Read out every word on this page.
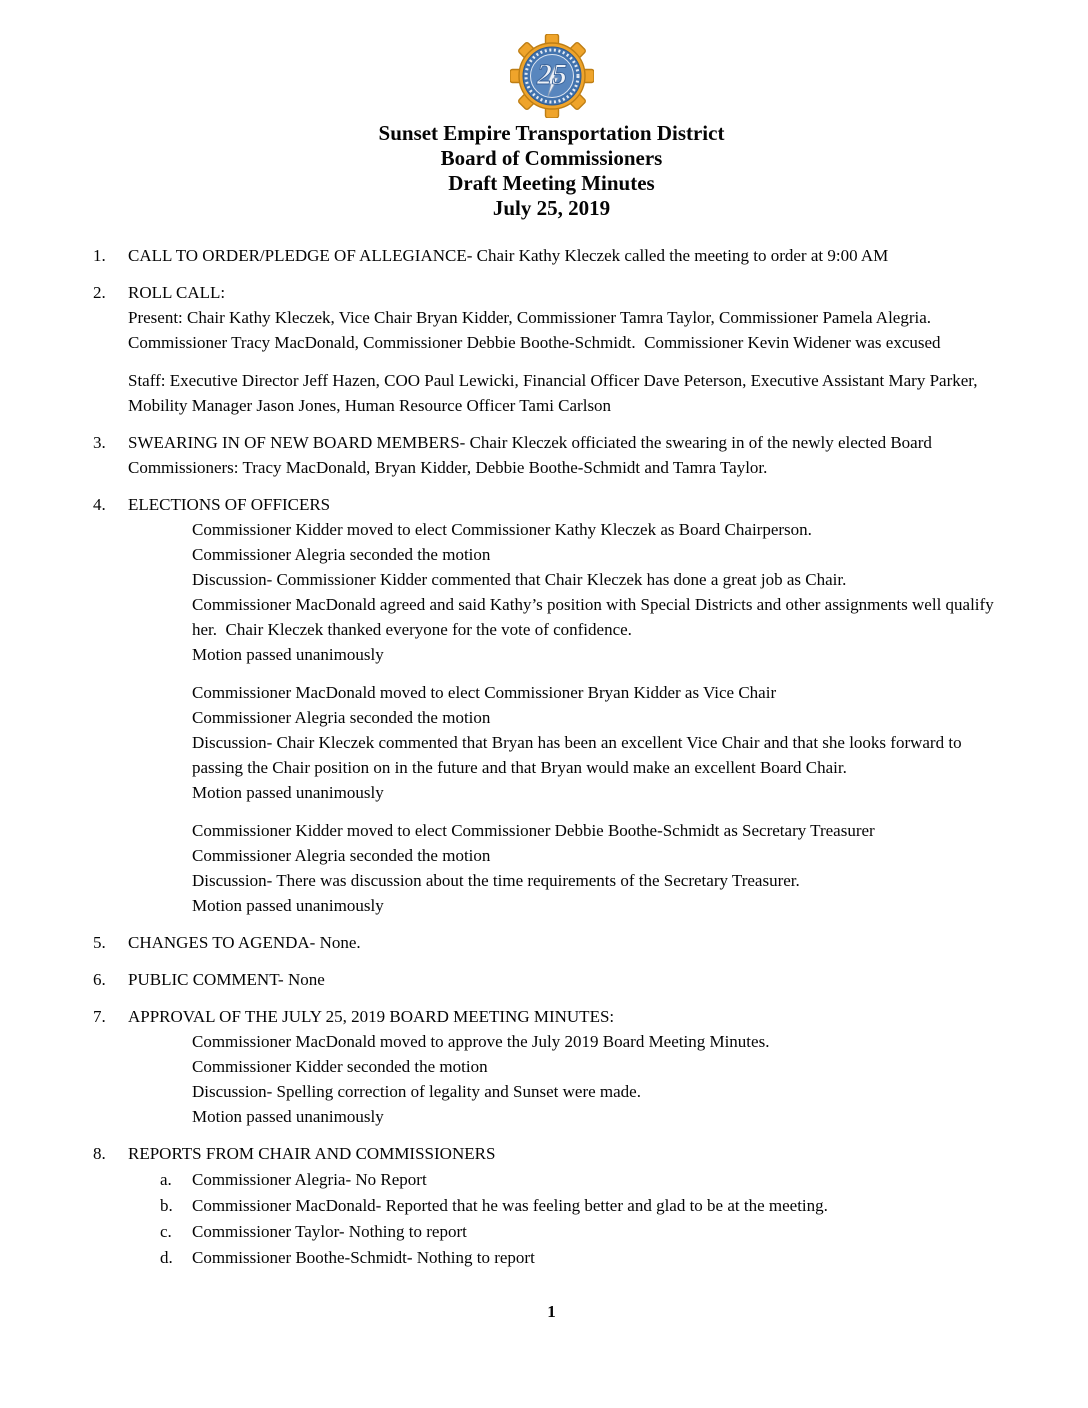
25
Sunset Empire Transportation District
Board of Commissioners
Draft Meeting Minutes
July 25, 2019
1.	CALL TO ORDER/PLEDGE OF ALLEGIANCE- Chair Kathy Kleczek called the meeting to order at 9:00 AM
2.	ROLL CALL:

Present: Chair Kathy Kleczek, Vice Chair Bryan Kidder, Commissioner Tamra Taylor, Commissioner Pamela Alegria. Commissioner Tracy MacDonald, Commissioner Debbie Boothe-Schmidt.  Commissioner Kevin Widener was excused

Staff: Executive Director Jeff Hazen, COO Paul Lewicki, Financial Officer Dave Peterson, Executive Assistant Mary Parker, Mobility Manager Jason Jones, Human Resource Officer Tami Carlson

3.	SWEARING IN OF NEW BOARD MEMBERS- Chair Kleczek officiated the swearing in of the newly elected Board Commissioners: Tracy MacDonald, Bryan Kidder, Debbie Boothe-Schmidt and Tamra Taylor.
4.	ELECTIONS OF OFFICERS

Commissioner Kidder moved to elect Commissioner Kathy Kleczek as Board Chairperson.

Commissioner Alegria seconded the motion

Discussion- Commissioner Kidder commented that Chair Kleczek has done a great job as Chair.

Commissioner MacDonald agreed and said Kathy’s position with Special Districts and other assignments well qualify her.  Chair Kleczek thanked everyone for the vote of confidence.

Motion passed unanimously

Commissioner MacDonald moved to elect Commissioner Bryan Kidder as Vice Chair

Commissioner Alegria seconded the motion

Discussion- Chair Kleczek commented that Bryan has been an excellent Vice Chair and that she looks forward to passing the Chair position on in the future and that Bryan would make an excellent Board Chair.

Motion passed unanimously

Commissioner Kidder moved to elect Commissioner Debbie Boothe-Schmidt as Secretary Treasurer

Commissioner Alegria seconded the motion

Discussion- There was discussion about the time requirements of the Secretary Treasurer.

Motion passed unanimously

5.	CHANGES TO AGENDA- None.
6.	PUBLIC COMMENT- None
7.	APPROVAL OF THE JULY 25, 2019 BOARD MEETING MINUTES:

Commissioner MacDonald moved to approve the July 2019 Board Meeting Minutes.

Commissioner Kidder seconded the motion

Discussion- Spelling correction of legality and Sunset were made.

Motion passed unanimously

8.	REPORTS FROM CHAIR AND COMMISSIONERS
a.	Commissioner Alegria- No Report
b.	Commissioner MacDonald- Reported that he was feeling better and glad to be at the meeting.
c.	Commissioner Taylor- Nothing to report
d.	Commissioner Boothe-Schmidt- Nothing to report
1
